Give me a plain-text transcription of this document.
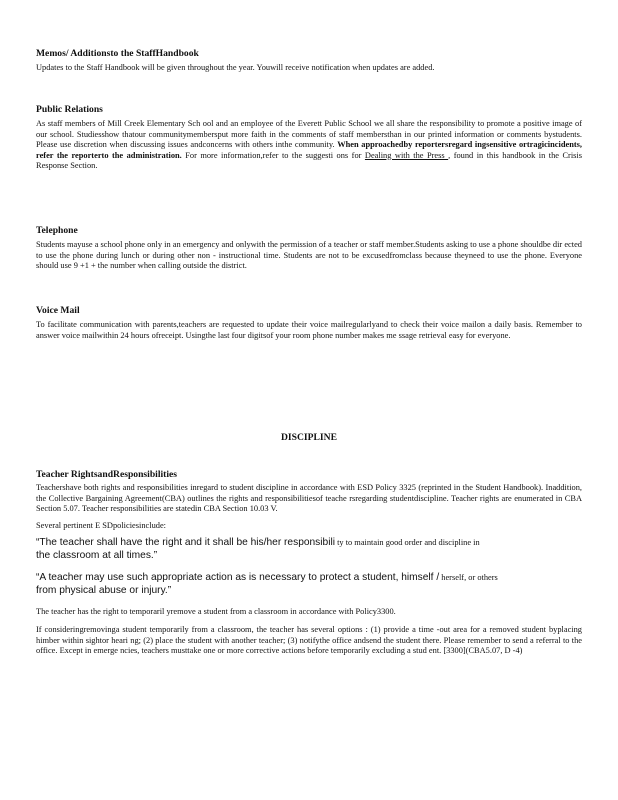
Memos/ Additionsto the StaffHandbook

Updates to the Staff Handbook will be given throughout the year. Youwill receive notification when updates are added.

Public Relations

As staff members of Mill Creek Elementary Sch ool and an employee of the Everett Public School we all share the responsibility to promote a positive image of our school. Studiesshow thatour communitymembersput more faith in the comments of staff membersthan in our printed information or comments bystudents. Please use discretion when discussing issues andconcerns with others inthe community. When approachedby reportersregard ingsensitive ortragicincidents, refer the reporterto the administration. For more information,refer to the suggesti ons for Dealing with the Press , found in this handbook in the Crisis Response Section.

Telephone

Students mayuse a school phone only in an emergency and onlywith the permission of a teacher or staff member.Students asking to use a phone shouldbe dir ected to use the phone during lunch or during other non - instructional time. Students are not to be excusedfromclass because theyneed to use the phone. Everyone should use 9 +1 + the number when calling outside the district.

Voice Mail

To facilitate communication with parents,teachers are requested to update their voice mailregularlyand to check their voice mailon a daily basis. Remember to answer voice mailwithin 24 hours ofreceipt. Usingthe last four digitsof your room phone number makes me ssage retrieval easy for everyone.

DISCIPLINE

Teacher RightsandResponsibilities

Teachershave both rights and responsibilities inregard to student discipline in accordance with ESD Policy 3325 (reprinted in the Student Handbook). Inaddition, the Collective Bargaining Agreement(CBA) outlines the rights and responsibilitiesof teache rsregarding studentdiscipline. Teacher rights are enumerated in CBA Section 5.07. Teacher responsibilities are statedin CBA Section 10.03 V.

Several pertinent E SDpoliciesinclude:

“The teacher shall have the right and it shall be his/her responsibili ty to maintain good order and discipline in
the classroom at all times.”

“A teacher may use such appropriate action as is necessary to protect a student, himself / herself, or others
from physical abuse or injury.”

The teacher has the right to temporaril yremove a student from a classroom in accordance with Policy3300.

If consideringremovinga student temporarily from a classroom, the teacher has several options : (1) provide a time -out area for a removed student byplacing himber within sightor heari ng; (2) place the student with another teacher; (3) notifythe office andsend the student there. Please remember to send a referral to the office. Except in emerge ncies, teachers musttake one or more corrective actions before temporarily excluding a stud ent. [3300](CBA5.07, D -4)
